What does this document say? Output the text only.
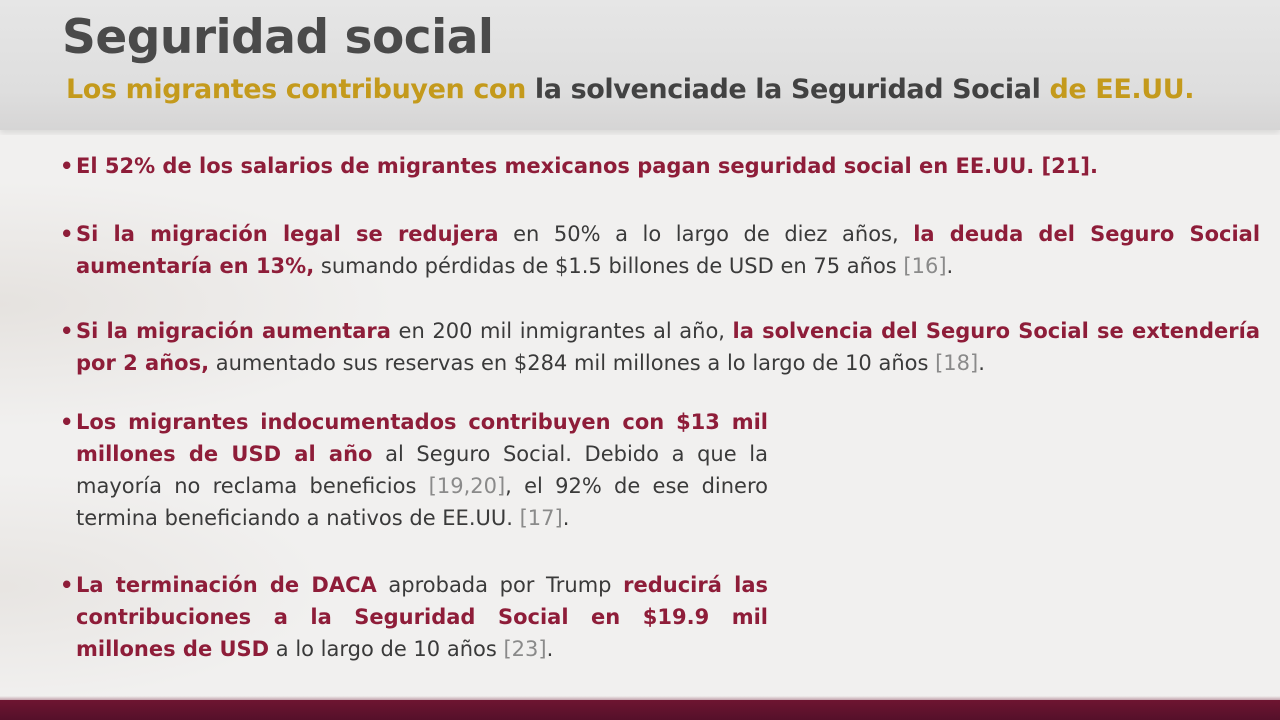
Seguridad social
Los migrantes contribuyen con la solvenciade la Seguridad Social de EE.UU.
• El 52% de los salarios de migrantes mexicanos pagan seguridad social en EE.UU. [21].
• Si la migración legal se redujera en 50% a lo largo de diez años, la deuda del Seguro Social aumentaría en 13%, sumando pérdidas de $1.5 billones de USD en 75 años [16].
• Si la migración aumentara en 200 mil inmigrantes al año, la solvencia del Seguro Social se extendería por 2 años, aumentado sus reservas en $284 mil millones a lo largo de 10 años [18].
• Los migrantes indocumentados contribuyen con $13 mil millones de USD al año al Seguro Social. Debido a que la mayoría no reclama beneficios [19,20], el 92% de ese dinero termina beneficiando a nativos de EE.UU. [17].
• La terminación de DACA aprobada por Trump reducirá las contribuciones a la Seguridad Social en $19.9 mil millones de USD a lo largo de 10 años [23].
